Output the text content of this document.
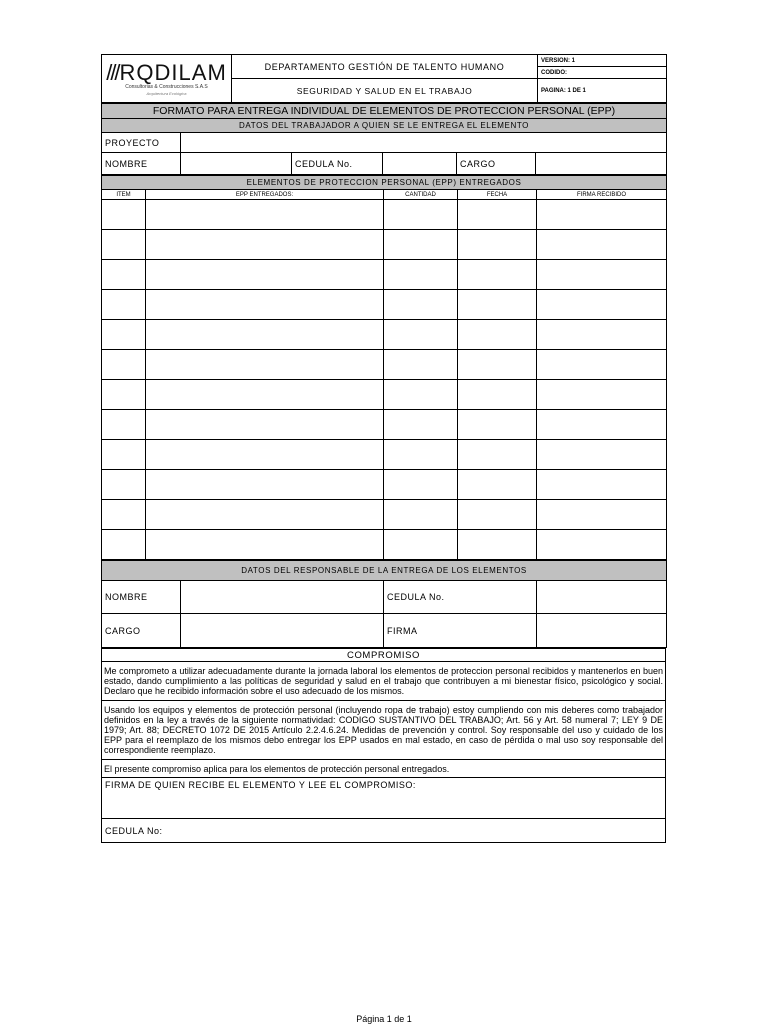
///RQDILAM
Consultorias & Construcciones S.A.S
Arquitectura Ecológica	DEPARTAMENTO GESTIÓN DE TALENTO HUMANO	VERSION: 1
		CODIDO:
	SEGURIDAD Y SALUD EN EL TRABAJO	PAGINA: 1 DE 1
FORMATO PARA ENTREGA INDIVIDUAL DE ELEMENTOS DE PROTECCION PERSONAL (EPP)					
DATOS DEL TRABAJADOR A QUIEN SE LE ENTREGA EL ELEMENTO					
PROYECTO					
NOMBRE		CEDULA No.		CARGO	
ELEMENTOS DE PROTECCION PERSONAL (EPP) ENTREGADOS				
ITEM	EPP ENTREGADOS:	CANTIDAD	FECHA	FIRMA RECIBIDO

DATOS DEL RESPONSABLE DE LA ENTREGA DE LOS ELEMENTOS			
NOMBRE		CEDULA No.	
CARGO		FIRMA	
COMPROMISO
Me comprometo a utilizar adecuadamente durante la jornada laboral los elementos de proteccion personal recibidos y mantenerlos en buen estado, dando cumplimiento a las políticas de seguridad y salud en el trabajo que contribuyen a mi bienestar físico, psicológico y social. Declaro que he recibido información sobre el uso adecuado de los mismos.
Usando los equipos y elementos de protección personal (incluyendo ropa de trabajo) estoy cumpliendo con mis deberes como trabajador definidos en la ley a través de la siguiente normatividad: CODIGO SUSTANTIVO DEL TRABAJO; Art. 56 y Art. 58 numeral 7; LEY 9 DE 1979; Art. 88; DECRETO 1072 DE 2015 Artículo 2.2.4.6.24. Medidas de prevención y control. Soy responsable del uso y cuidado de los EPP para el reemplazo de los mismos debo entregar los EPP usados en mal estado, en caso de pérdida o mal uso soy responsable del correspondiente reemplazo.
El presente compromiso aplica para los elementos de protección personal entregados.
FIRMA DE QUIEN RECIBE EL ELEMENTO Y LEE EL COMPROMISO:
CEDULA No:
Página 1 de 1
